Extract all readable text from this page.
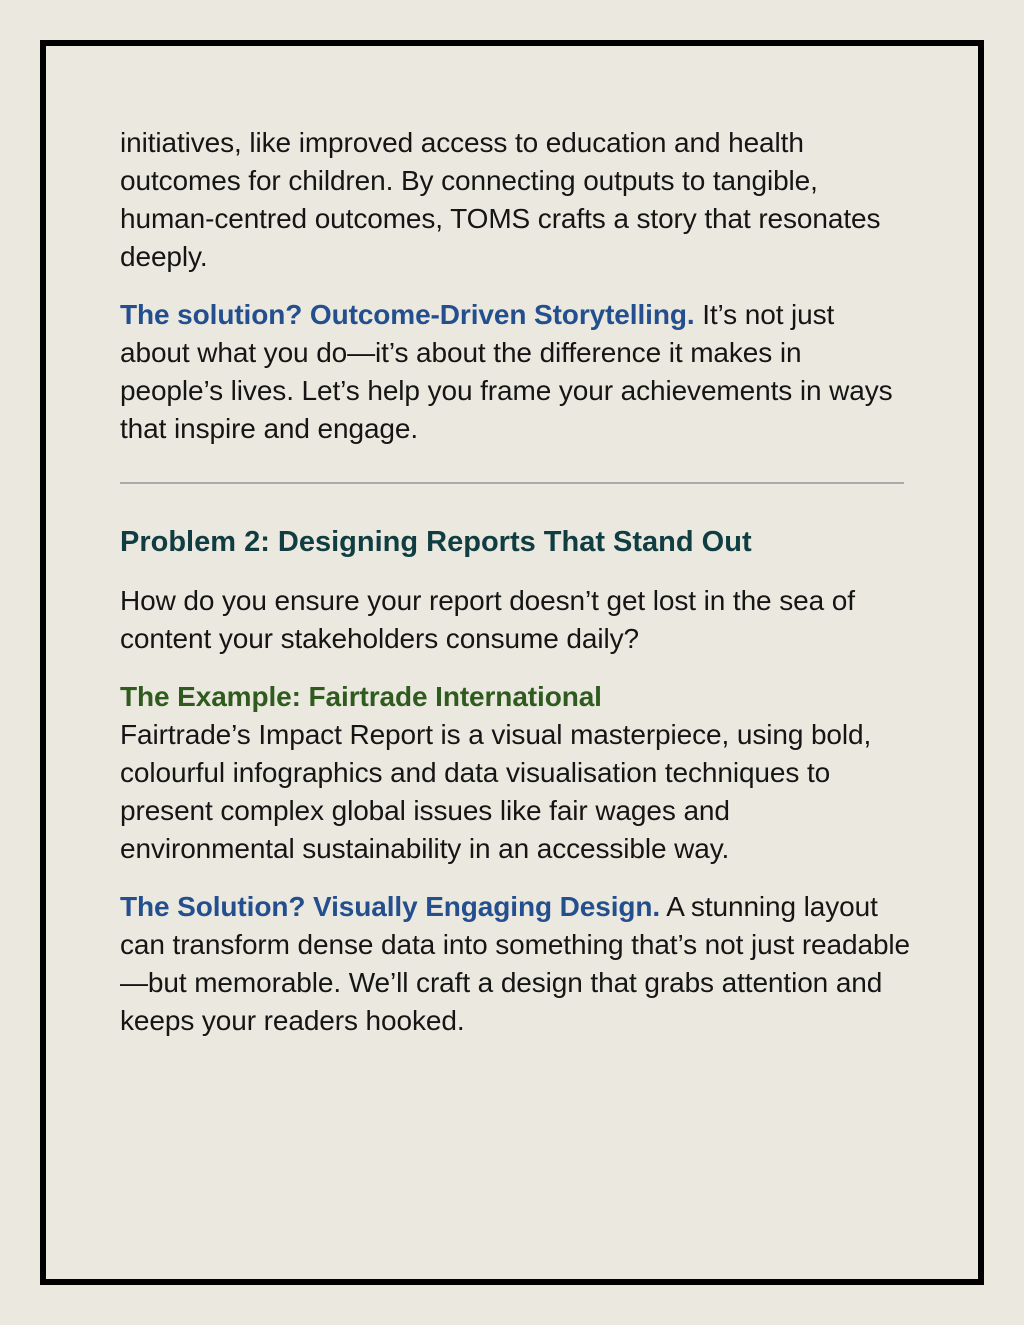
initiatives, like improved access to education and health outcomes for children. By connecting outputs to tangible, human-centred outcomes, TOMS crafts a story that resonates deeply.

The solution? Outcome-Driven Storytelling. It’s not just about what you do—it’s about the difference it makes in people’s lives. Let’s help you frame your achievements in ways that inspire and engage.

Problem 2: Designing Reports That Stand Out

How do you ensure your report doesn’t get lost in the sea of content your stakeholders consume daily?

The Example: Fairtrade International
Fairtrade’s Impact Report is a visual masterpiece, using bold, colourful infographics and data visualisation techniques to present complex global issues like fair wages and environmental sustainability in an accessible way.

The Solution? Visually Engaging Design. A stunning layout can transform dense data into something that’s not just readable—but memorable. We’ll craft a design that grabs attention and keeps your readers hooked.
